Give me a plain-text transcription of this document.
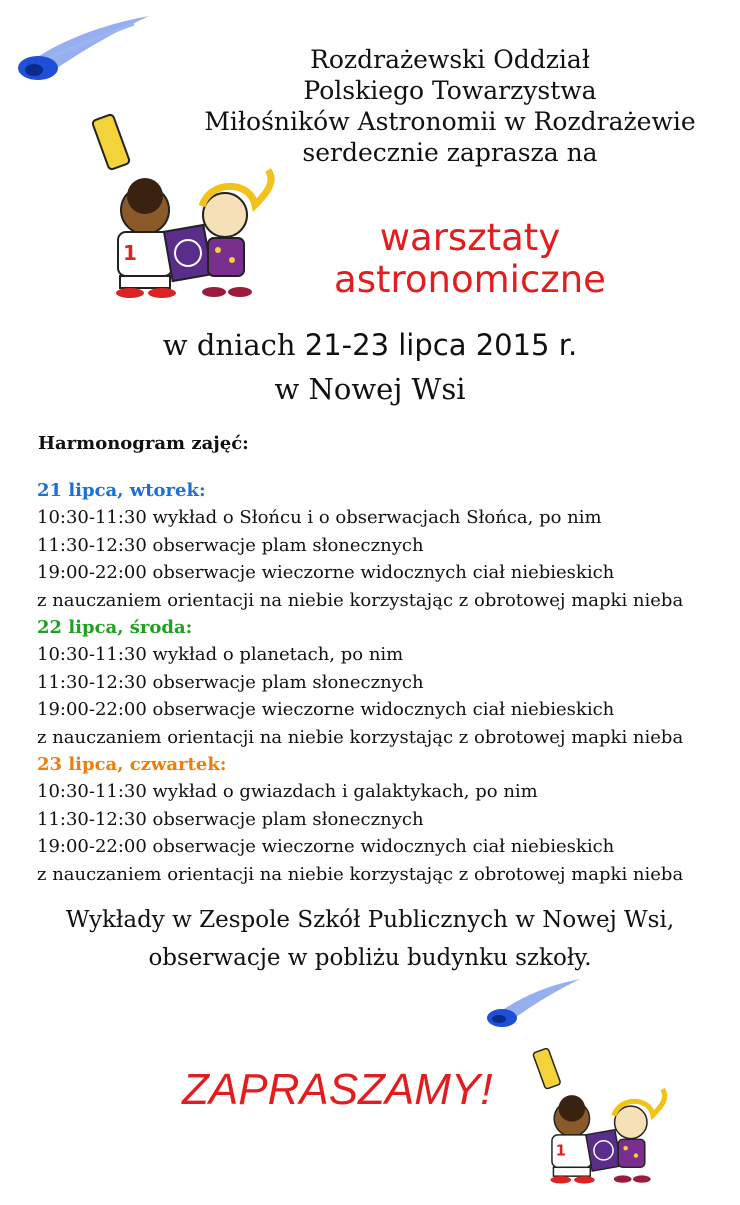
1
Rozdrażewski Oddział
Polskiego Towarzystwa
Miłośników Astronomii w Rozdrażewie
serdecznie zaprasza na
warsztaty
astronomiczne
w dniach 21-23 lipca 2015 r.
w Nowej Wsi
Harmonogram zajęć:
21 lipca, wtorek:
10:30-11:30 wykład o Słońcu i o obserwacjach Słońca, po nim
11:30-12:30 obserwacje plam słonecznych
19:00-22:00 obserwacje wieczorne widocznych ciał niebieskich
z nauczaniem orientacji na niebie korzystając z obrotowej mapki nieba
22 lipca, środa:
10:30-11:30 wykład o planetach, po nim
11:30-12:30 obserwacje plam słonecznych
19:00-22:00 obserwacje wieczorne widocznych ciał niebieskich
z nauczaniem orientacji na niebie korzystając z obrotowej mapki nieba
23 lipca, czwartek:
10:30-11:30 wykład o gwiazdach i galaktykach, po nim
11:30-12:30 obserwacje plam słonecznych
19:00-22:00 obserwacje wieczorne widocznych ciał niebieskich
z nauczaniem orientacji na niebie korzystając z obrotowej mapki nieba
Wykłady w Zespole Szkół Publicznych w Nowej Wsi,
obserwacje w pobliżu budynku szkoły.
ZAPRASZAMY!
1
